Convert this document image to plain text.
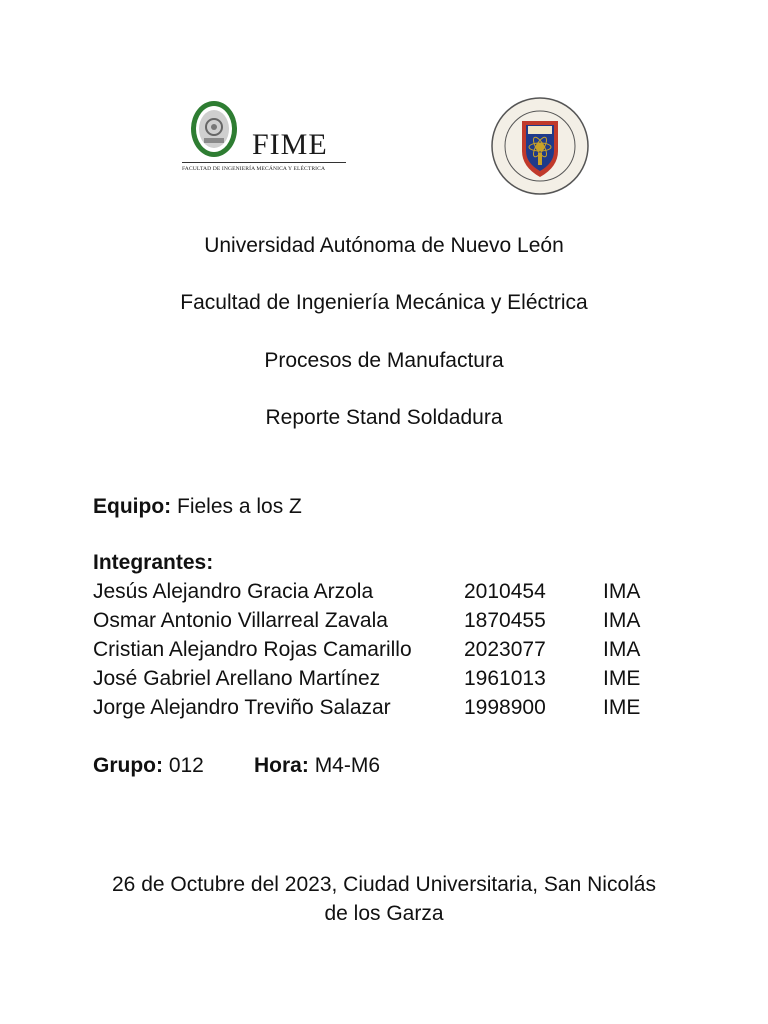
FIME
FACULTAD DE INGENIERÍA MECÁNICA Y ELÉCTRICA
Universidad Autónoma de Nuevo León
Facultad de Ingeniería Mecánica y Eléctrica
Procesos de Manufactura
Reporte Stand Soldadura
Equipo: Fieles a los Z
Integrantes:
Jesús Alejandro Gracia Arzola	2010454	IMA
Osmar Antonio Villarreal Zavala	1870455	IMA
Cristian Alejandro Rojas Camarillo 2023077	IMA
José Gabriel Arellano Martínez	1961013	IME
Jorge Alejandro Treviño Salazar	1998900	IME
Grupo: 012 Hora: M4-M6
26 de Octubre del 2023, Ciudad Universitaria, San Nicolás de los Garza
